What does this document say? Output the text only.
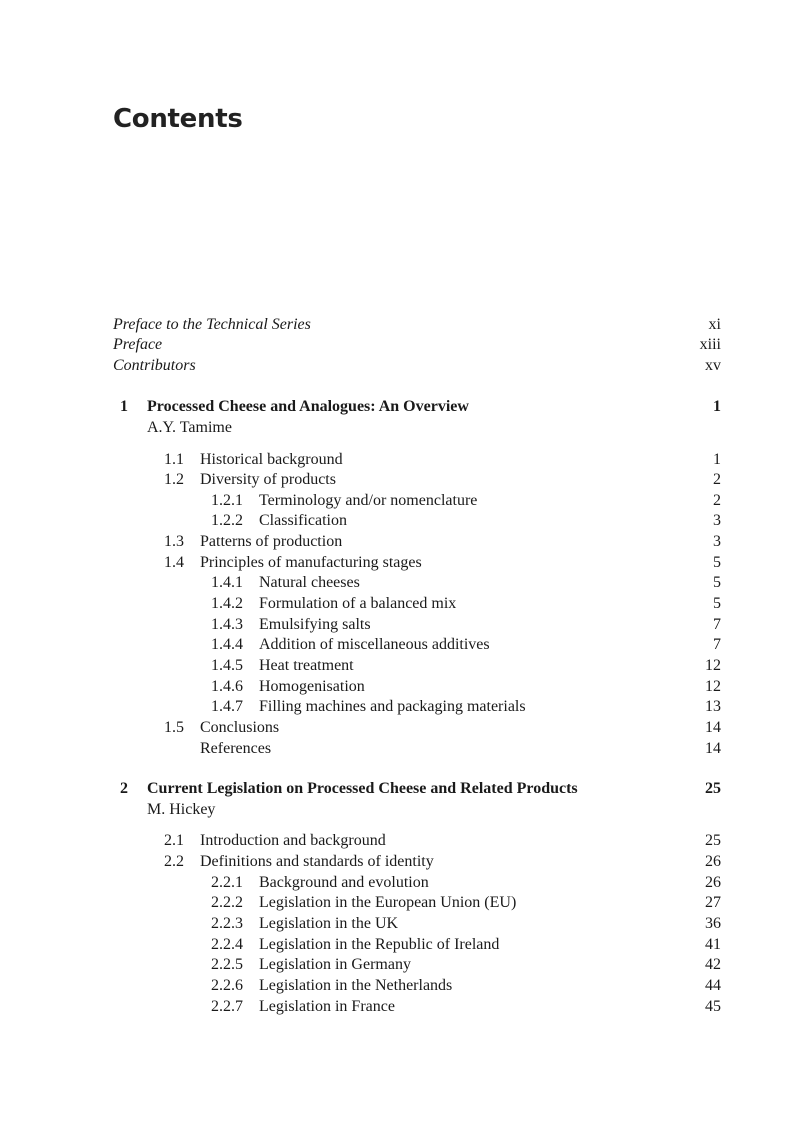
Contents
Preface to the Technical Series	xi
Preface	xiii
Contributors	xv
1 Processed Cheese and Analogues: An Overview	1
A.Y. Tamime
1.1 Historical background	1
1.2 Diversity of products	2
1.2.1 Terminology and/or nomenclature	2
1.2.2 Classification	3
1.3 Patterns of production	3
1.4 Principles of manufacturing stages	5
1.4.1 Natural cheeses	5
1.4.2 Formulation of a balanced mix	5
1.4.3 Emulsifying salts	7
1.4.4 Addition of miscellaneous additives	7
1.4.5 Heat treatment	12
1.4.6 Homogenisation	12
1.4.7 Filling machines and packaging materials	13
1.5 Conclusions	14
References	14
2 Current Legislation on Processed Cheese and Related Products	25
M. Hickey
2.1 Introduction and background	25
2.2 Definitions and standards of identity	26
2.2.1 Background and evolution	26
2.2.2 Legislation in the European Union (EU)	27
2.2.3 Legislation in the UK	36
2.2.4 Legislation in the Republic of Ireland	41
2.2.5 Legislation in Germany	42
2.2.6 Legislation in the Netherlands	44
2.2.7 Legislation in France	45
